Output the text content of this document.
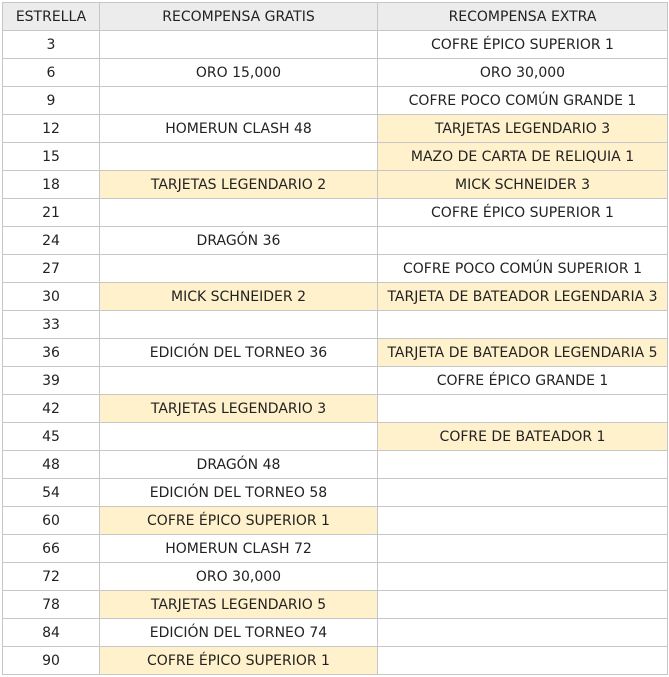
ESTRELLA	RECOMPENSA GRATIS	RECOMPENSA EXTRA
3		COFRE ÉPICO SUPERIOR 1
6	ORO 15,000	ORO 30,000
9		COFRE POCO COMÚN GRANDE 1
12	HOMERUN CLASH 48	TARJETAS LEGENDARIO 3
15		MAZO DE CARTA DE RELIQUIA 1
18	TARJETAS LEGENDARIO 2	MICK SCHNEIDER 3
21		COFRE ÉPICO SUPERIOR 1
24	DRAGÓN 36	
27		COFRE POCO COMÚN SUPERIOR 1
30	MICK SCHNEIDER 2	TARJETA DE BATEADOR LEGENDARIA 3
33		
36	EDICIÓN DEL TORNEO 36	TARJETA DE BATEADOR LEGENDARIA 5
39		COFRE ÉPICO GRANDE 1
42	TARJETAS LEGENDARIO 3	
45		COFRE DE BATEADOR 1
48	DRAGÓN 48	
54	EDICIÓN DEL TORNEO 58	
60	COFRE ÉPICO SUPERIOR 1	
66	HOMERUN CLASH 72	
72	ORO 30,000	
78	TARJETAS LEGENDARIO 5	
84	EDICIÓN DEL TORNEO 74	
90	COFRE ÉPICO SUPERIOR 1	
